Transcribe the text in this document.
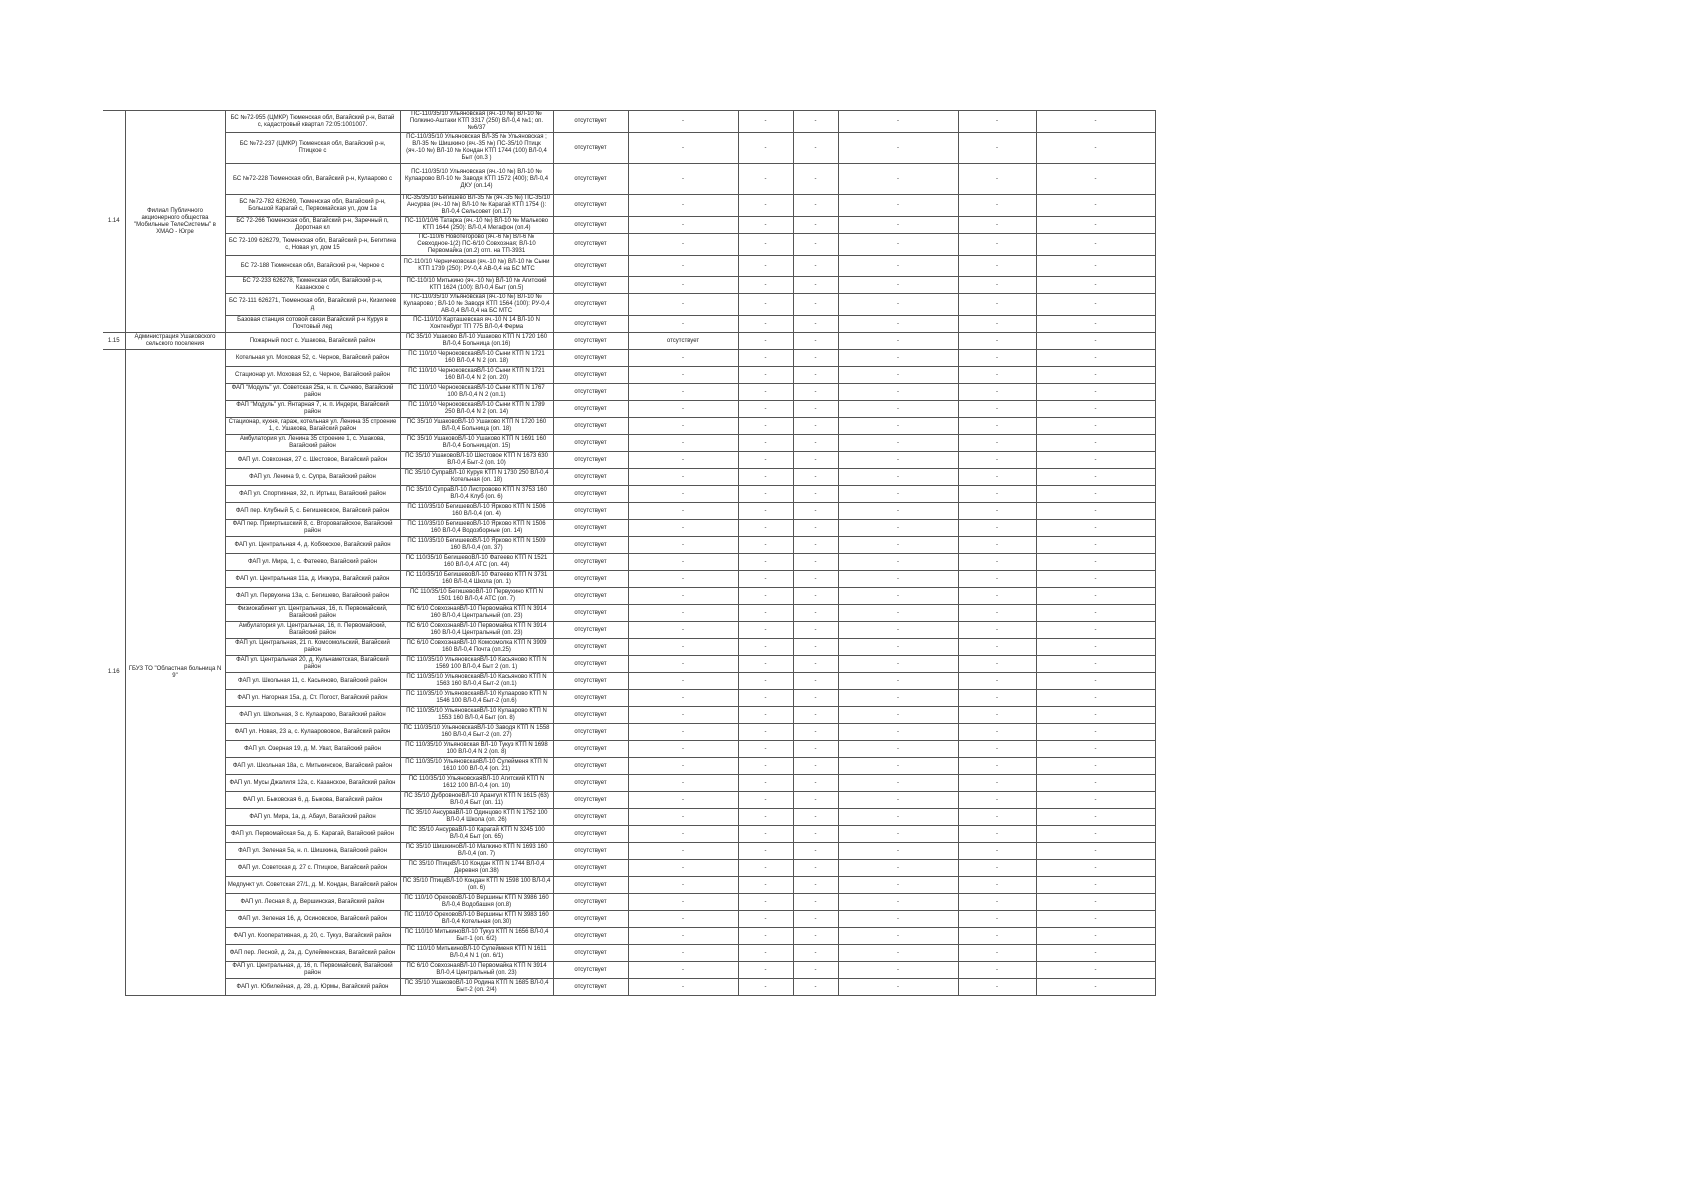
1.14	Филиал Публичного акционерного общества "Мобильные ТелеСистемы" в ХМАО - Югре	БС №72-955 (ЦМКР) Тюменская обл, Вагайский р-н, Ватай с, кадастровый квартал 72:05:1001007.	ПС-110/35/10 Ульяновская (яч.-10 №) ВЛ-10 № Полкино-Аштаки КТП 3317 (250) ВЛ-0,4 №1; оп.№6/37	отсутствует	-	-	-	-	-	-
		БС №72-237 (ЦМКР) Тюменская обл, Вагайский р-н, Птицкое с	ПС-110/35/10 Ульяновская ВЛ-35 № Ульяновская ; ВЛ-35 № Шишкино (яч.-35 №) ПС-35/10 Птицк (яч.-10 №) ВЛ-10 № Кондан КТП 1744 (100) ВЛ-0,4 Быт (оп.3 )	отсутствует	-	-	-	-	-	-
		БС №72-228 Тюменская обл, Вагайский р-н, Кулаарово с	ПС-110/35/10 Ульяновская (яч.-10 №) ВЛ-10 № Кулаарово ВЛ-10 № Заводя КТП 1572 (400); ВЛ-0,4 ДКУ (оп.14)	отсутствует	-	-	-	-	-	-
		БС №72-782 626269, Тюменская обл, Вагайский р-н, Большой Карагай с, Первомайская ул, дом 1а	ПС-35/35/10 Бегишево ВЛ-35 № (яч.-35 №) ПС-35/10 Ансурва (яч.-10 №) ВЛ-10 № Карагай КТП 1754 (): ВЛ-0,4 Сельсовет (оп.17)	отсутствует	-	-	-	-	-	-
		БС 72-266 Тюменская обл, Вагайский р-н, Заречный п, Доротная кл	ПС-110/10/6 Татарка (яч.-10 №) ВЛ-10 № Мальково КТП 1644 (250): ВЛ-0,4 Мегафон (оп.4)	отсутствует	-	-	-	-	-	-
		БС 72-109 626279, Тюменская обл, Вагайский р-н, Бегитина с, Новая ул, дом 15	ПС-110/6 Новотегорово (яч.-6 №) ВЛ-6 № Севходное-1(2) ПС-6/10 Совхозная; ВЛ-10 Первомайка (оп.2) отп. на ТП-3931	отсутствует	-	-	-	-	-	-
		БС 72-188 Тюменская обл, Вагайский р-н, Черное с	ПС-110/10 Черничковская (яч.-10 №) ВЛ-10 № Сыни КТП 1739 (250): РУ-0,4 АВ-0,4 на БС МТС	отсутствует	-	-	-	-	-	-
		БС 72-233 626278, Тюменская обл, Вагайский р-н, Казанское с	ПС-110/10 Митькино (яч.-10 №) ВЛ-10 № Агитский КТП 1624 (100): ВЛ-0,4 Быт (оп.5)	отсутствует	-	-	-	-	-	-
		БС 72-111 626271, Тюменская обл, Вагайский р-н, Кизилеев д	ПС-110/35/10 Ульяновская (яч.-10 №) ВЛ-10 № Кулаарово ; ВЛ-10 № Заводя КТП 1564 (100): РУ-0,4 АВ-0,4 ВЛ-0,4 на БС МТС	отсутствует	-	-	-	-	-	-
		Базовая станция сотовой связи Вагайский р-н Куруя в Почтовый лед	ПС-110/10 Карташевская яч.-10 N 14 ВЛ-10 N Хонтенбург ТП 775 ВЛ-0,4 Ферма	отсутствует	-	-	-	-	-	-
1.15	Администрация Ушаковского сельского поселения	Пожарный пост с. Ушакова, Вагайский район	ПС 35/10 Ушаково ВЛ-10 Ушаково КТП N 1720 160 ВЛ-0,4 Больница (оп.16)	отсутствует	отсутствует	-	-	-	-	-
1.16	ГБУЗ ТО "Областная больница N 9"	Котельная ул. Моховая 52, с. Чернов, Вагайский район	ПС 110/10 ЧерноковскаяВЛ-10 Сыни КТП N 1721 160 ВЛ-0,4 N 2 (оп. 18)	отсутствует	-	-	-	-	-	-
		Стационар ул. Моховая 52, с. Черное, Вагайский район	ПС 110/10 ЧерноковскаяВЛ-10 Сыни КТП N 1721 160 ВЛ-0,4 N 2 (оп. 20)	отсутствует	-	-	-	-	-	-
		ФАП "Модуль" ул. Советская 25а, н. п. Сычево, Вагайский район	ПС 110/10 ЧерноковскаяВЛ-10 Сыни КТП N 1767 100 ВЛ-0,4 N 2 (оп.1)	отсутствует	-	-	-	-	-	-
		ФАП "Модуль" ул. Янтарная 7, н. п. Индери, Вагайский район	ПС 110/10 ЧерноковскаяВЛ-10 Сыни КТП N 1789 250 ВЛ-0,4 N 2 (оп. 14)	отсутствует	-	-	-	-	-	-
		Стационар, кухня, гараж, котельная ул. Ленина 35 строение 1, с. Ушакова, Вагайский район	ПС 35/10 УшаковоВЛ-10 Ушаково КТП N 1720 160 ВЛ-0,4 Больница (оп. 18)	отсутствует	-	-	-	-	-	-
		Амбулатория ул. Ленина 35 строение 1, с. Ушакова, Вагайский район	ПС 35/10 УшаковоВЛ-10 Ушаково КТП N 1691 160 ВЛ-0,4 Больница(оп. 15)	отсутствует	-	-	-	-	-	-
		ФАП ул. Совхозная, 27 с. Шестовое, Вагайский район	ПС 35/10 УшаковоВЛ-10 Шестовое КТП N 1673 630 ВЛ-0,4 Быт-2 (оп. 10)	отсутствует	-	-	-	-	-	-
		ФАП ул. Ленина 9, с. Супра, Вагайский район	ПС 35/10 СупраВЛ-10 Куруя КТП N 1730 250 ВЛ-0,4 Котельная (оп. 18)	отсутствует	-	-	-	-	-	-
		ФАП ул. Спортивная, 32, п. Иртыш, Вагайский район	ПС 35/10 СупраВЛ-10 Листровово КТП N 3753 160 ВЛ-0,4 Клуб (оп. 6)	отсутствует	-	-	-	-	-	-
		ФАП пер. Клубный 5, с. Бегишевское, Вагайский район	ПС 110/35/10 БегишевоВЛ-10 Ярково КТП N 1506 160 ВЛ-0,4 (оп. 4)	отсутствует	-	-	-	-	-	-
		ФАП пер. Прииртышский 8, с. Второвагайское, Вагайский район	ПС 110/35/10 БегишевоВЛ-10 Ярково КТП N 1506 160 ВЛ-0,4 Водозборные (оп. 14)	отсутствует	-	-	-	-	-	-
		ФАП ул. Центральная 4, д. Кобяжское, Вагайский район	ПС 110/35/10 БегишевоВЛ-10 Ярково КТП N 1509 160 ВЛ-0,4 (оп. 37)	отсутствует	-	-	-	-	-	-
		ФАП ул. Мира, 1, с. Фатеево, Вагайский район	ПС 110/35/10 БегишевоВЛ-10 Фатеево КТП N 1521 160 ВЛ-0,4 АТС (оп. 44)	отсутствует	-	-	-	-	-	-
		ФАП ул. Центральная 11а, д. Инжура, Вагайский район	ПС 110/35/10 БегишевоВЛ-10 Фатеево КТП N 3731 160 ВЛ-0,4 Школа (оп. 1)	отсутствует	-	-	-	-	-	-
		ФАП ул. Первухина 13а, с. Бегишево, Вагайский район	ПС 110/35/10 БегишевоВЛ-10 Первухино КТП N 1501 160 ВЛ-0,4 АТС (оп. 7)	отсутствует	-	-	-	-	-	-
		Физиокабинет ул. Центральная, 16, п. Первомайский, Вагайский район	ПС 6/10 СовхознаяВЛ-10 Первомайка КТП N 3914 160 ВЛ-0,4 Центральный (оп. 23)	отсутствует	-	-	-	-	-	-
		Амбулатория ул. Центральная, 16, п. Первомайский, Вагайский район	ПС 6/10 СовхознаяВЛ-10 Первомайка КТП N 3914 160 ВЛ-0,4 Центральный (оп. 23)	отсутствует	-	-	-	-	-	-
		ФАП ул. Центральная, 21 п. Комсомольский, Вагайский район	ПС 6/10 СовхознаяВЛ-10 Комсомолка КТП N 3909 160 ВЛ-0,4 Почта (оп.25)	отсутствует	-	-	-	-	-	-
		ФАП ул. Центральная 20, д. Кульчаметская, Вагайский район	ПС 110/35/10 УльяновскаяВЛ-10 Касьяново КТП N 1569 100 ВЛ-0,4 Быт 2 (оп. 1)	отсутствует	-	-	-	-	-	-
		ФАП ул. Школьная 11, с. Касьяново, Вагайский район	ПС 110/35/10 УльяновскаяВЛ-10 Касьяново КТП N 1563 160 ВЛ-0,4 Быт-2 (оп.1)	отсутствует	-	-	-	-	-	-
		ФАП ул. Нагорная 15а, д. Ст. Погост, Вагайский район	ПС 110/35/10 УльяновскаяВЛ-10 Кулаарово КТП N 1546 100 ВЛ-0,4 Быт-2 (оп.6)	отсутствует	-	-	-	-	-	-
		ФАП ул. Школьная, 3 с. Кулаарово, Вагайский район	ПС 110/35/10 УльяновскаяВЛ-10 Кулаарово КТП N 1553 160 ВЛ-0,4 Быт (оп. 8)	отсутствует	-	-	-	-	-	-
		ФАП ул. Новая, 23 а, с. Кулаарововое, Вагайский район	ПС 110/35/10 УльяновскаяВЛ-10 Заводя КТП N 1558 160 ВЛ-0,4 Быт-2 (оп. 27)	отсутствует	-	-	-	-	-	-
		ФАП ул. Озерная 19, д. М. Уват, Вагайский район	ПС 110/35/10 Ульяновская ВЛ-10 Тукуз КТП N 1698 100 ВЛ-0,4 N 2 (оп. 8)	отсутствует	-	-	-	-	-	-
		ФАП ул. Школьная 18а, с. Митькинское, Вагайский район	ПС 110/35/10 УльяновскаяВЛ-10 Сулейменя КТП N 1610 100 ВЛ-0,4 (оп. 21)	отсутствует	-	-	-	-	-	-
		ФАП ул. Мусы Джалиля 12а, с. Казанское, Вагайский район	ПС 110/35/10 УльяновскаяВЛ-10 Агитский КТП N 1612 100 ВЛ-0,4 (оп. 10)	отсутствует	-	-	-	-	-	-
		ФАП ул. Быковская 6, д. Быкова, Вагайский район	ПС 35/10 ДубровноеВЛ-10 Арангул КТП N 1615 (63) ВЛ-0,4 Быт (оп. 11)	отсутствует	-	-	-	-	-	-
		ФАП ул. Мира, 1а, д. Абаул, Вагайский район	ПС 35/10 АнсурваВЛ-10 Одинцово КТП N 1752 100 ВЛ-0,4 Школа (оп. 26)	отсутствует	-	-	-	-	-	-
		ФАП ул. Первомайская 5а, д. Б. Карагай, Вагайский район	ПС 35/10 АнсурваВЛ-10 Карагай КТП N 3245 100 ВЛ-0,4 Быт (оп. 65)	отсутствует	-	-	-	-	-	-
		ФАП ул. Зеленая 5а, н. п. Шишкина, Вагайский район	ПС 35/10 ШишкиноВЛ-10 Малкино КТП N 1693 160 ВЛ-0,4 (оп. 7)	отсутствует	-	-	-	-	-	-
		ФАП ул. Советская д. 27 с. Птицкое, Вагайский район	ПС 35/10 ПтицкВЛ-10 Кондан КТП N 1744 ВЛ-0,4 Деревня (оп.38)	отсутствует	-	-	-	-	-	-
		Медпункт ул. Советская 27/1, д. М. Кондан, Вагайский район	ПС 35/10 ПтицкВЛ-10 Кондан КТП N 1598 100 ВЛ-0,4 (оп. 6)	отсутствует	-	-	-	-	-	-
		ФАП ул. Лесная 8, д. Вершинская, Вагайский район	ПС 110/10 ОреховоВЛ-10 Вершины КТП N 3986 160 ВЛ-0,4 Водобашня (оп.8)	отсутствует	-	-	-	-	-	-
		ФАП ул. Зеленая 16, д. Осиновское, Вагайский район	ПС 110/10 ОреховоВЛ-10 Вершины КТП N 3983 160 ВЛ-0,4 Котельная (оп.30)	отсутствует	-	-	-	-	-	-
		ФАП ул. Кооперативная, д. 20, с. Тукуз, Вагайский район	ПС 110/10 МитькиноВЛ-10 Тукуз КТП N 1656 ВЛ-0,4 Быт-1 (оп. 6/2)	отсутствует	-	-	-	-	-	-
		ФАП пер. Лесной, д. 2а, д. Сулейменская, Вагайский район	ПС 110/10 МитькиноВЛ-10 Сулейменя КТП N 1611 ВЛ-0,4 N 1 (оп. 6/1)	отсутствует	-	-	-	-	-	-
		ФАП ул. Центральная, д. 16, п. Первомайский, Вагайский район	ПС 6/10 СовхознаяВЛ-10 Первомайка КТП N 3914 ВЛ-0,4 Центральный (оп. 23)	отсутствует	-	-	-	-	-	-
		ФАП ул. Юбилейная, д. 28, д. Юрмы, Вагайский район	ПС 35/10 УшаковоВЛ-10 Родина КТП N 1685 ВЛ-0,4 Быт-2 (оп. 2/4)	отсутствует	-	-	-	-	-	-
